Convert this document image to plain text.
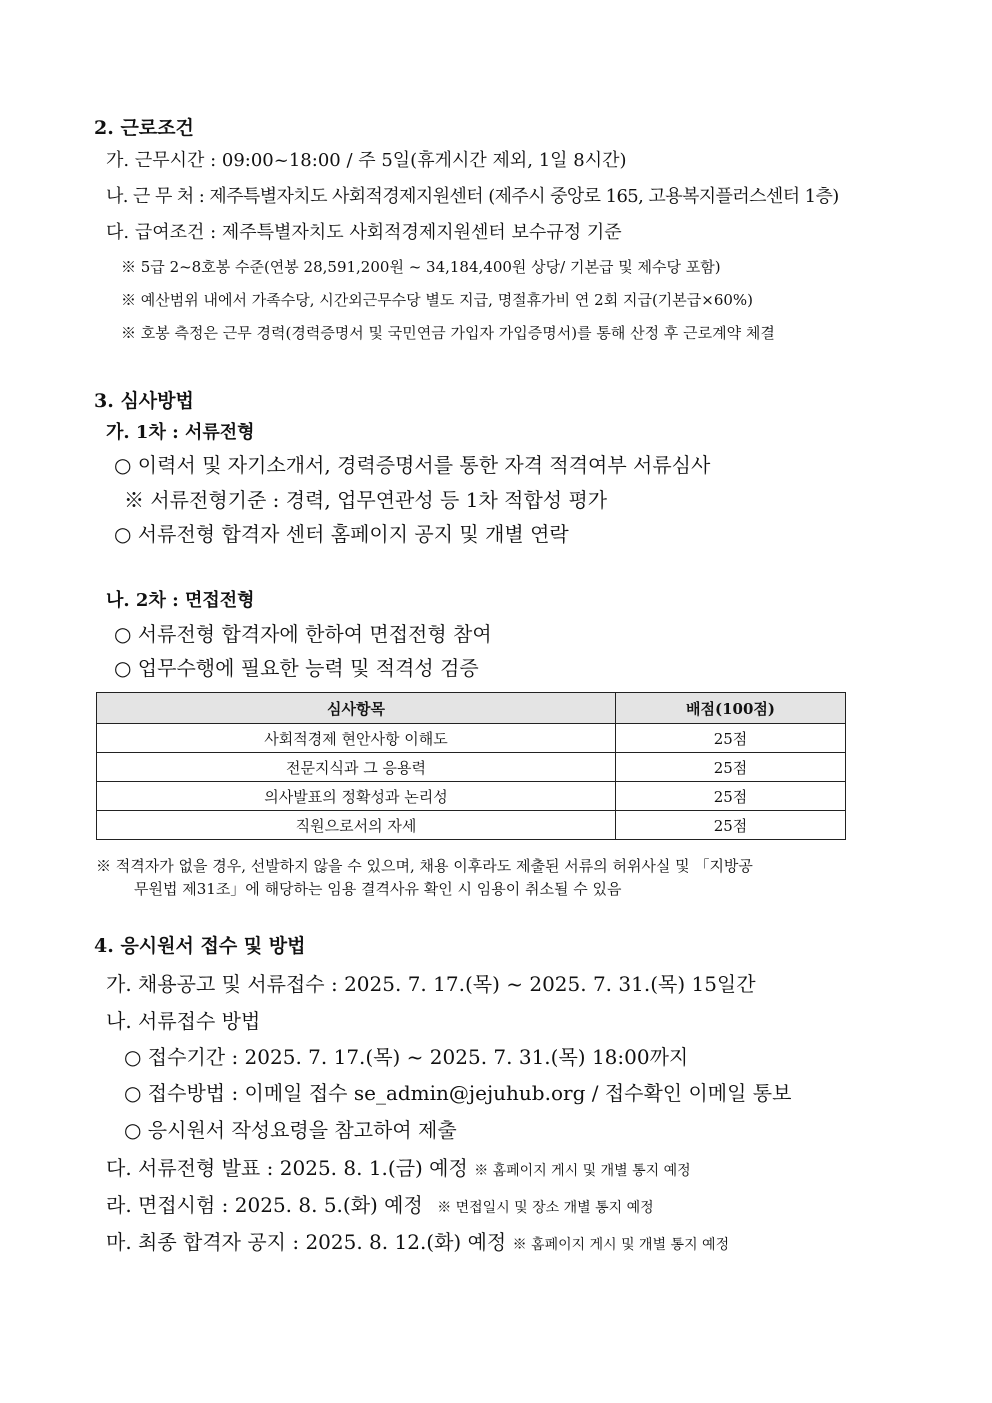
2. 근로조건
가. 근무시간 : 09:00~18:00 / 주 5일(휴게시간 제외, 1일 8시간)
나. 근 무 처 : 제주특별자치도 사회적경제지원센터 (제주시 중앙로 165, 고용복지플러스센터 1층)
다. 급여조건 : 제주특별자치도 사회적경제지원센터 보수규정 기준
※ 5급 2~8호봉 수준(연봉 28,591,200원 ~ 34,184,400원 상당/ 기본급 및 제수당 포함)
※ 예산범위 내에서 가족수당, 시간외근무수당 별도 지급, 명절휴가비 연 2회 지급(기본급×60%)
※ 호봉 측정은 근무 경력(경력증명서 및 국민연금 가입자 가입증명서)를 통해 산정 후 근로계약 체결
3. 심사방법
가. 1차 : 서류전형
○ 이력서 및 자기소개서, 경력증명서를 통한 자격 적격여부 서류심사
※ 서류전형기준 : 경력, 업무연관성 등 1차 적합성 평가
○ 서류전형 합격자 센터 홈페이지 공지 및 개별 연락
나. 2차 : 면접전형
○ 서류전형 합격자에 한하여 면접전형 참여
○ 업무수행에 필요한 능력 및 적격성 검증
심사항목	배점(100점)
사회적경제 현안사항 이해도	25점
전문지식과 그 응용력	25점
의사발표의 정확성과 논리성	25점
직원으로서의 자세	25점
※ 적격자가 없을 경우, 선발하지 않을 수 있으며, 채용 이후라도 제출된 서류의 허위사실 및 「지방공
무원법 제31조」에 해당하는 임용 결격사유 확인 시 임용이 취소될 수 있음
4. 응시원서 접수 및 방법
가. 채용공고 및 서류접수 : 2025. 7. 17.(목) ~ 2025. 7. 31.(목) 15일간
나. 서류접수 방법
○ 접수기간 : 2025. 7. 17.(목) ~ 2025. 7. 31.(목) 18:00까지
○ 접수방법 : 이메일 접수 se_admin@jejuhub.org / 접수확인 이메일 통보
○ 응시원서 작성요령을 참고하여 제출
다. 서류전형 발표 : 2025. 8. 1.(금) 예정 ※ 홈페이지 게시 및 개별 통지 예정
라. 면접시험 : 2025. 8. 5.(화) 예정 ※ 면접일시 및 장소 개별 통지 예정
마. 최종 합격자 공지 : 2025. 8. 12.(화) 예정 ※ 홈페이지 게시 및 개별 통지 예정
